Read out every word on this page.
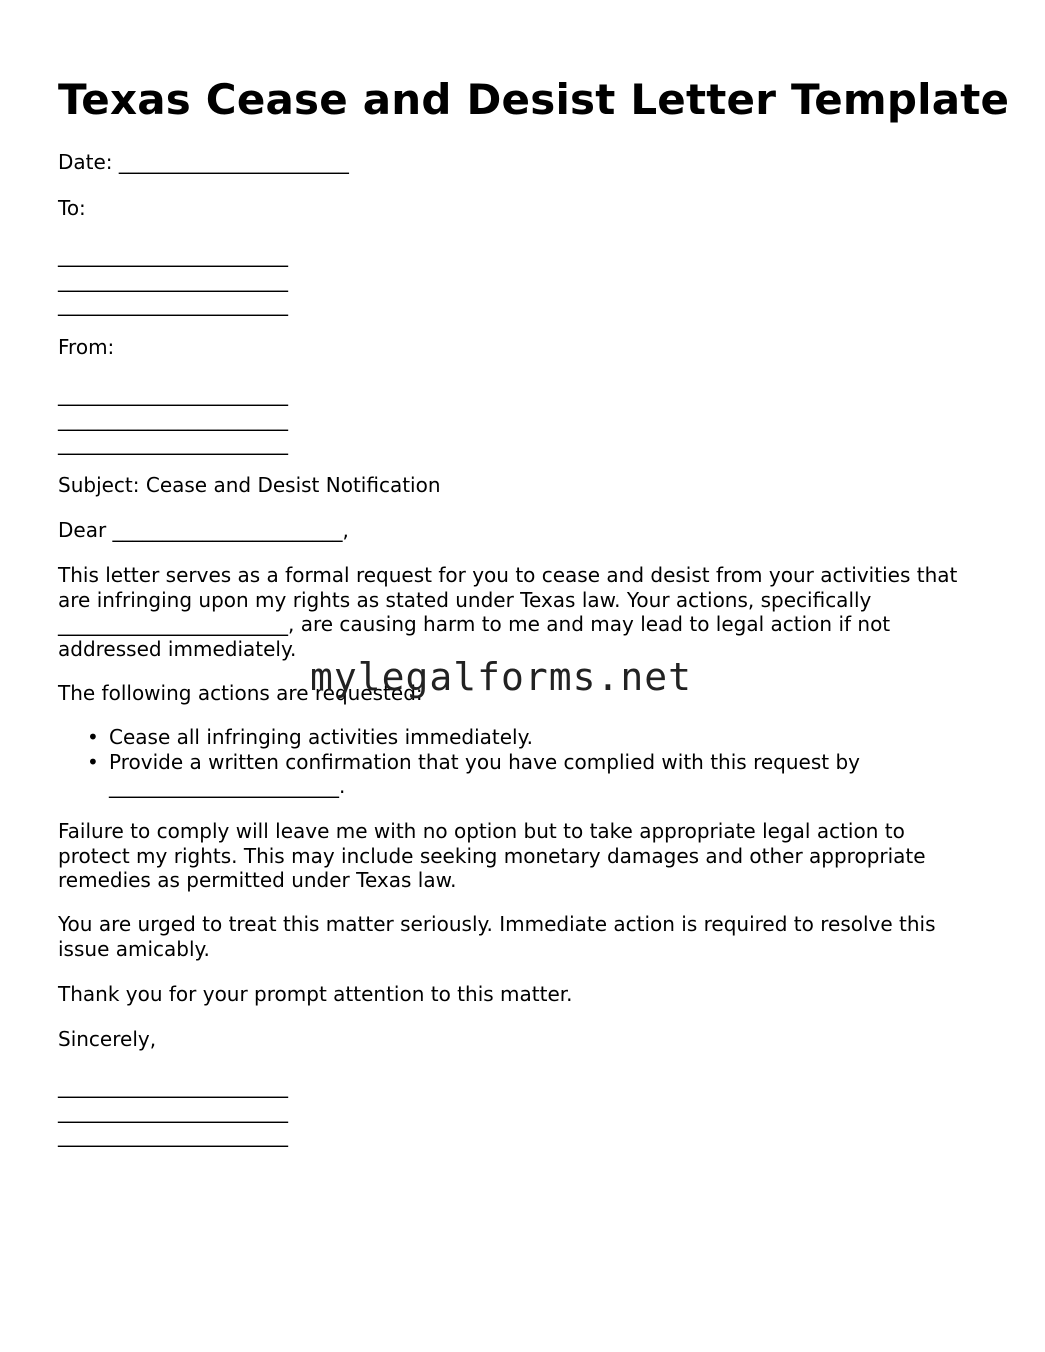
Texas Cease and Desist Letter Template

Date: _______________________

To:

_______________________

_______________________

_______________________

From:

_______________________

_______________________

_______________________

Subject: Cease and Desist Notification

Dear _______________________,

This letter serves as a formal request for you to cease and desist from your activities that
are infringing upon my rights as stated under Texas law. Your actions, specifically
_______________________, are causing harm to me and may lead to legal action if not
addressed immediately.

The following actions are requested:

• Cease all infringing activities immediately.
• Provide a written confirmation that you have complied with this request by
_______________________.
Failure to comply will leave me with no option but to take appropriate legal action to
protect my rights. This may include seeking monetary damages and other appropriate
remedies as permitted under Texas law.
You are urged to treat this matter seriously. Immediate action is required to resolve this
issue amicably.

Thank you for your prompt attention to this matter.

Sincerely,

_______________________

_______________________

_______________________

mylegalforms.net
